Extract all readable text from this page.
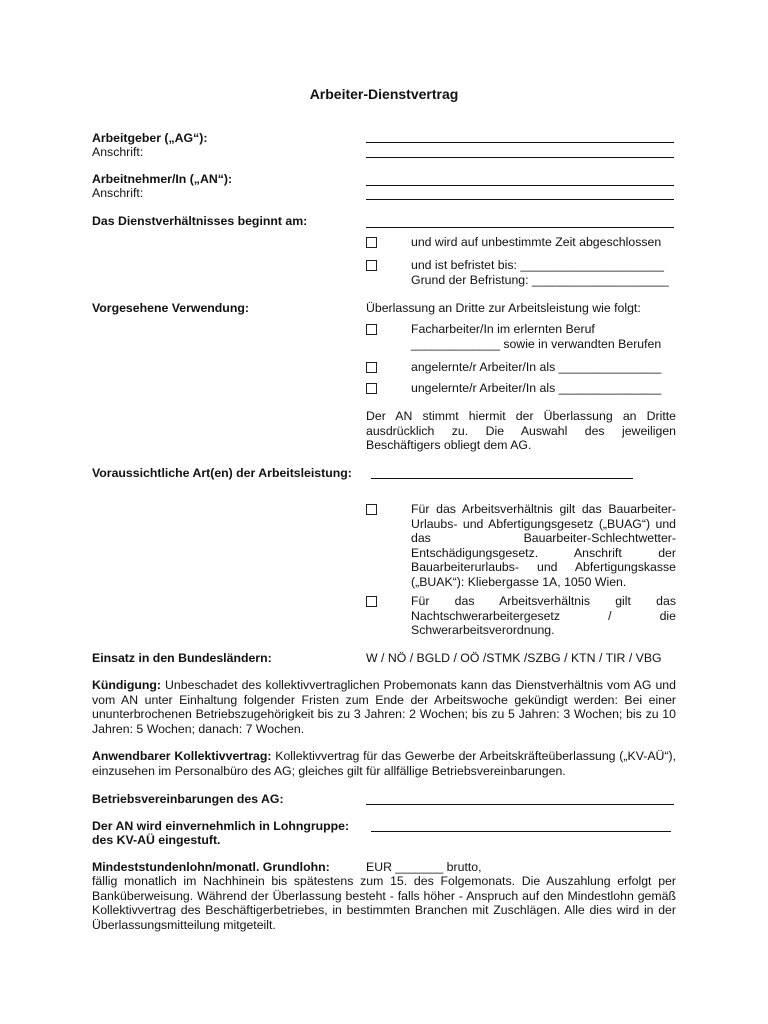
Arbeiter-Dienstvertrag
Arbeitgeber („AG“):
Anschrift:
Arbeitnehmer/In („AN“):
Anschrift:
Das Dienstverhältnisses beginnt am:
und wird auf unbestimmte Zeit abgeschlossen
und ist befristet bis: _____________________
Grund der Befristung: ____________________
Vorgesehene Verwendung:	Überlassung an Dritte zur Arbeitsleistung wie folgt:
Facharbeiter/In im erlernten Beruf
_____________ sowie in verwandten Berufen
angelernte/r Arbeiter/In als _______________
ungelernte/r Arbeiter/In als _______________
Der AN stimmt hiermit der Überlassung an Dritte ausdrücklich zu. Die Auswahl des jeweiligen Beschäftigers obliegt dem AG.
Voraussichtliche Art(en) der Arbeitsleistung:
Für das Arbeitsverhältnis gilt das Bauarbeiter-Urlaubs- und Abfertigungsgesetz („BUAG“) und das Bauarbeiter-Schlechtwetter-Entschädigungsgesetz. Anschrift der Bauarbeiterurlaubs- und Abfertigungskasse („BUAK“): Kliebergasse 1A, 1050 Wien.
Für das Arbeitsverhältnis gilt das Nachtschwerarbeitergesetz / die Schwerarbeitsverordnung.
Einsatz in den Bundesländern:	W / NÖ / BGLD / OÖ /STMK /SZBG / KTN / TIR / VBG
Kündigung: Unbeschadet des kollektivvertraglichen Probemonats kann das Dienstverhältnis vom AG und vom AN unter Einhaltung folgender Fristen zum Ende der Arbeitswoche gekündigt werden: Bei einer ununterbrochenen Betriebszugehörigkeit bis zu 3 Jahren: 2 Wochen; bis zu 5 Jahren: 3 Wochen; bis zu 10 Jahren: 5 Wochen; danach: 7 Wochen.
Anwendbarer Kollektivvertrag: Kollektivvertrag für das Gewerbe der Arbeitskräfteüberlassung („KV-AÜ“), einzusehen im Personalbüro des AG; gleiches gilt für allfällige Betriebsvereinbarungen.
Betriebsvereinbarungen des AG:
Der AN wird einvernehmlich in Lohngruppe:
des KV-AÜ eingestuft.
Mindeststundenlohn/monatl. Grundlohn:	EUR _______ brutto,
fällig monatlich im Nachhinein bis spätestens zum 15. des Folgemonats. Die Auszahlung erfolgt per Banküberweisung. Während der Überlassung besteht - falls höher - Anspruch auf den Mindestlohn gemäß Kollektivvertrag des Beschäftigerbetriebes, in bestimmten Branchen mit Zuschlägen. Alle dies wird in der Überlassungsmitteilung mitgeteilt.
